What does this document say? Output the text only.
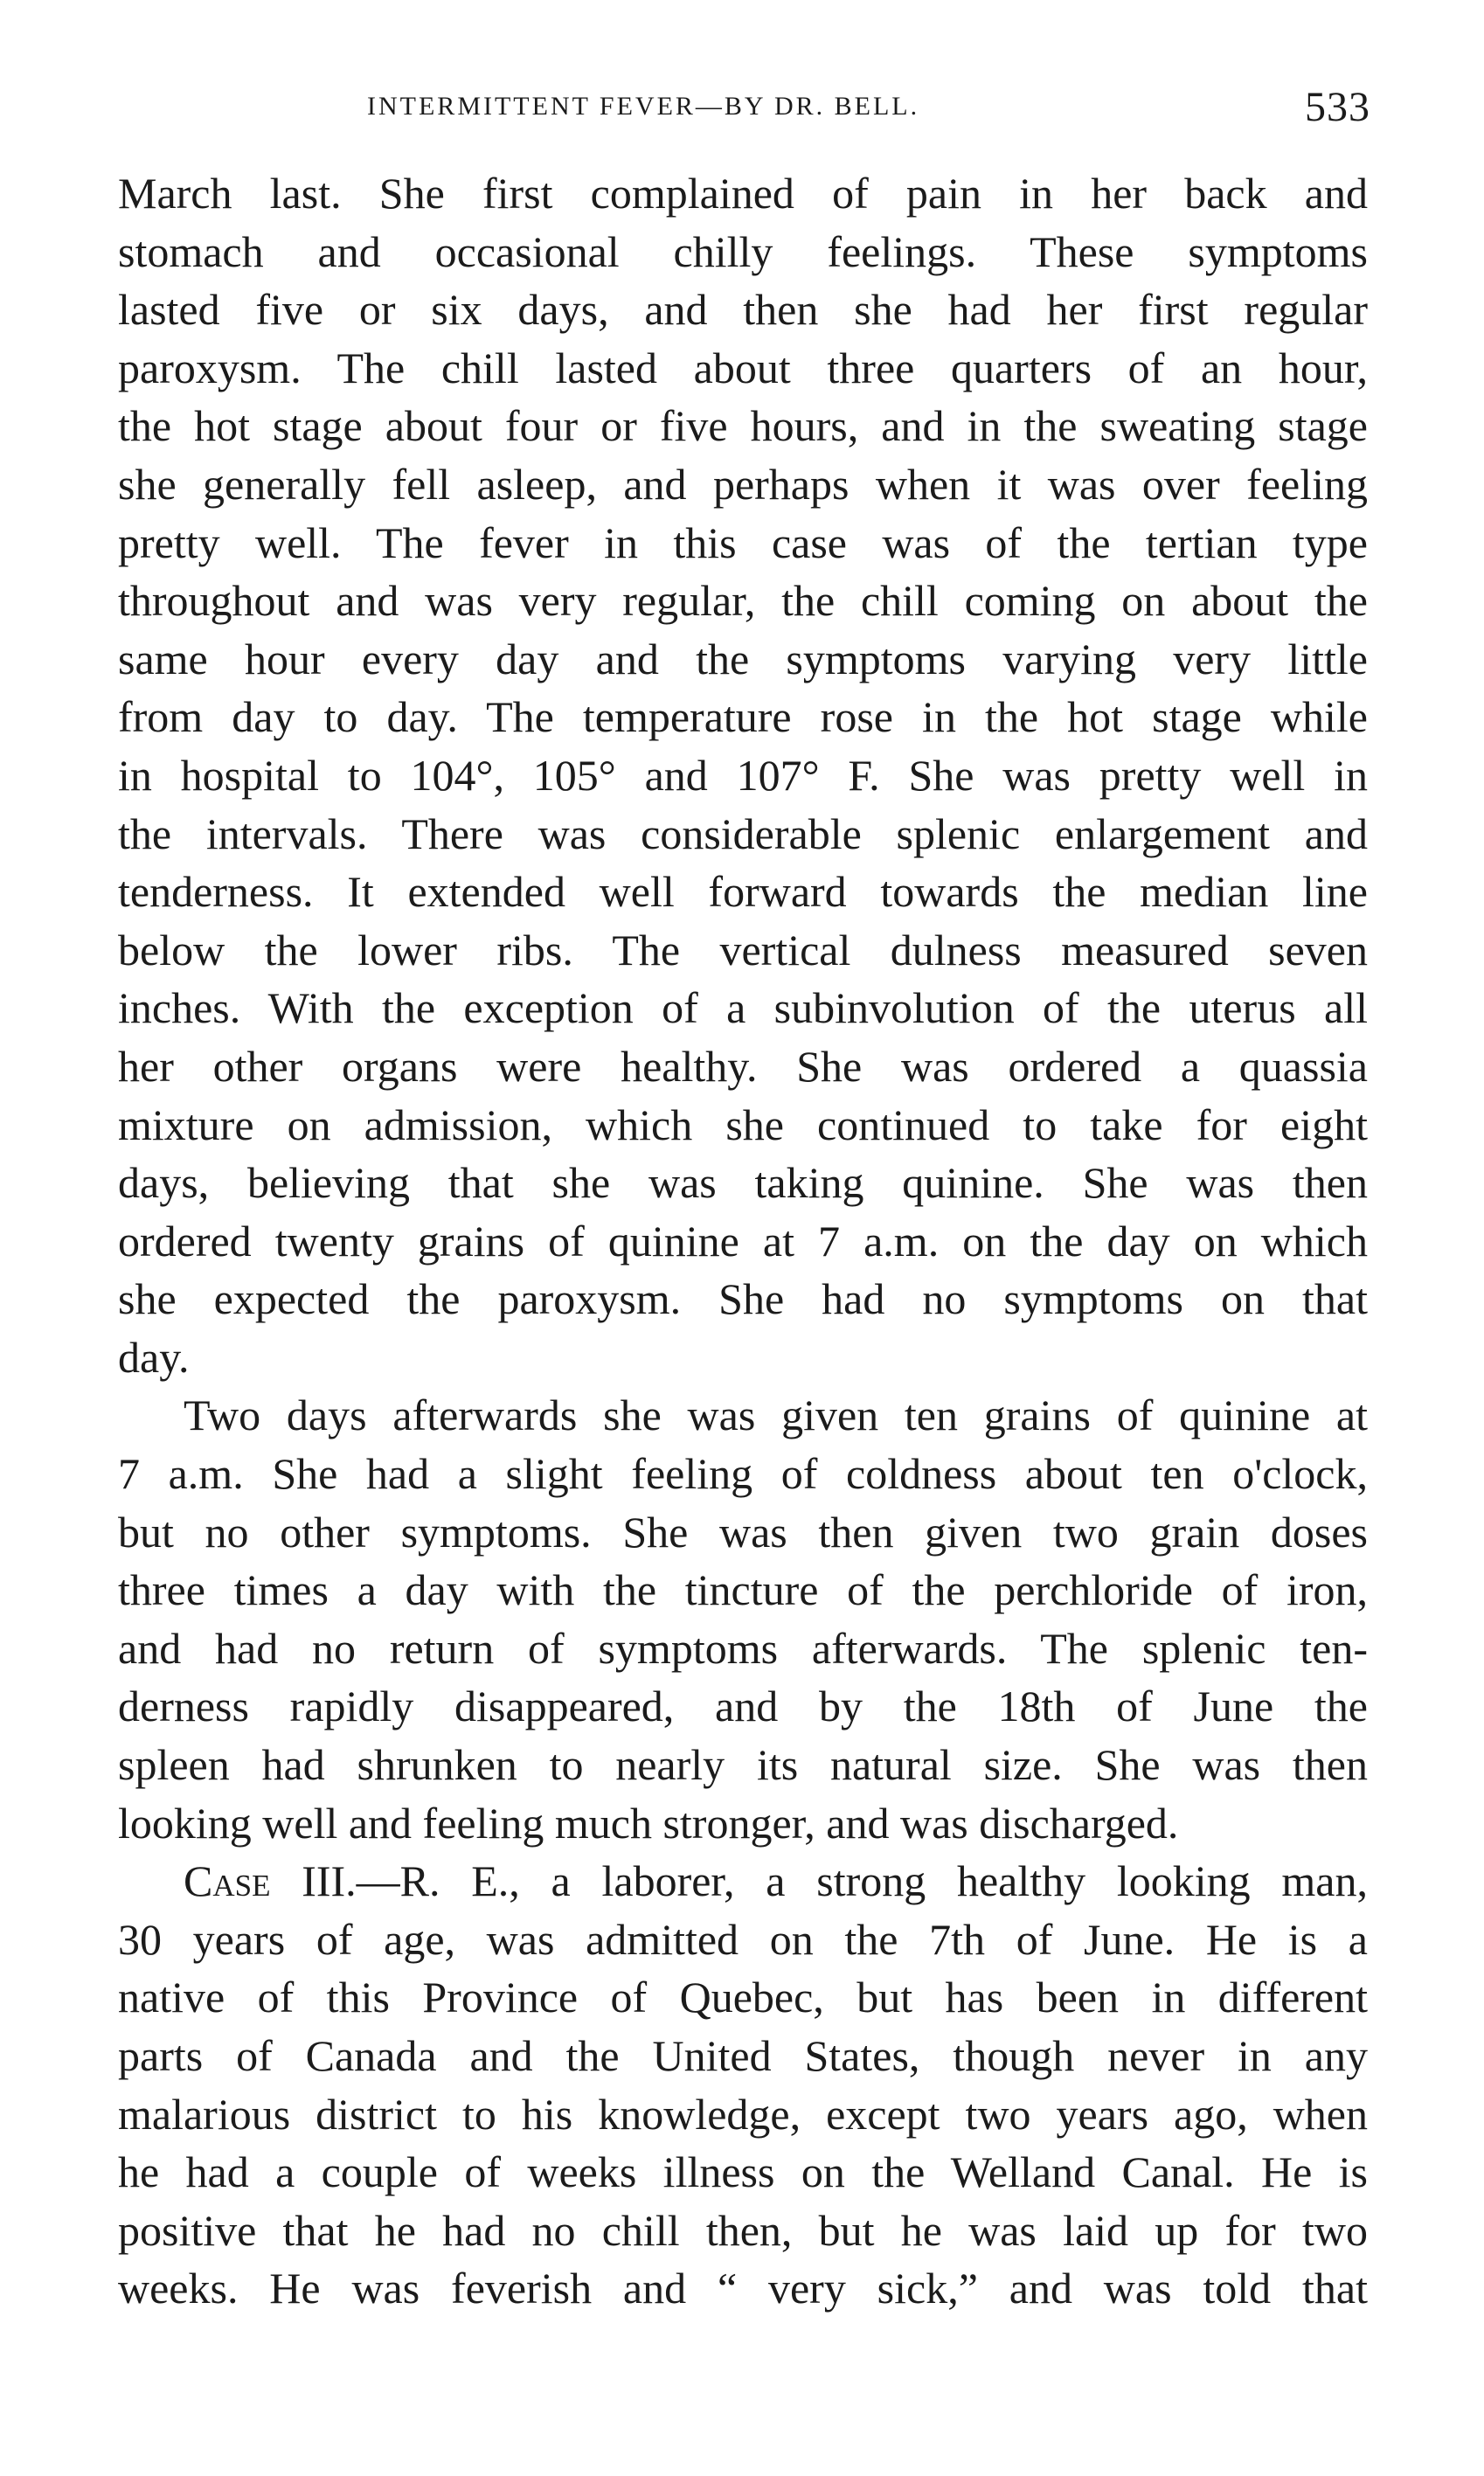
INTERMITTENT FEVER—BY DR. BELL.	533
March last. She first complained of pain in her back and
stomach and occasional chilly feelings. These symptoms
lasted five or six days, and then she had her first regular
paroxysm. The chill lasted about three quarters of an hour,
the hot stage about four or five hours, and in the sweating stage
she generally fell asleep, and perhaps when it was over feeling
pretty well. The fever in this case was of the tertian type
throughout and was very regular, the chill coming on about the
same hour every day and the symptoms varying very little
from day to day. The temperature rose in the hot stage while
in hospital to 104°, 105° and 107° F. She was pretty well in
the intervals. There was considerable splenic enlargement and
tenderness. It extended well forward towards the median line
below the lower ribs. The vertical dulness measured seven
inches. With the exception of a subinvolution of the uterus all
her other organs were healthy. She was ordered a quassia
mixture on admission, which she continued to take for eight
days, believing that she was taking quinine. She was then
ordered twenty grains of quinine at 7 a.m. on the day on which
she expected the paroxysm. She had no symptoms on that
day.
Two days afterwards she was given ten grains of quinine at
7 a.m. She had a slight feeling of coldness about ten o'clock,
but no other symptoms. She was then given two grain doses
three times a day with the tincture of the perchloride of iron,
and had no return of symptoms afterwards. The splenic ten-
derness rapidly disappeared, and by the 18th of June the
spleen had shrunken to nearly its natural size. She was then
looking well and feeling much stronger, and was discharged.
Case III.—R. E., a laborer, a strong healthy looking man,
30 years of age, was admitted on the 7th of June. He is a
native of this Province of Quebec, but has been in different
parts of Canada and the United States, though never in any
malarious district to his knowledge, except two years ago, when
he had a couple of weeks illness on the Welland Canal. He is
positive that he had no chill then, but he was laid up for two
weeks. He was feverish and “ very sick,” and was told that
